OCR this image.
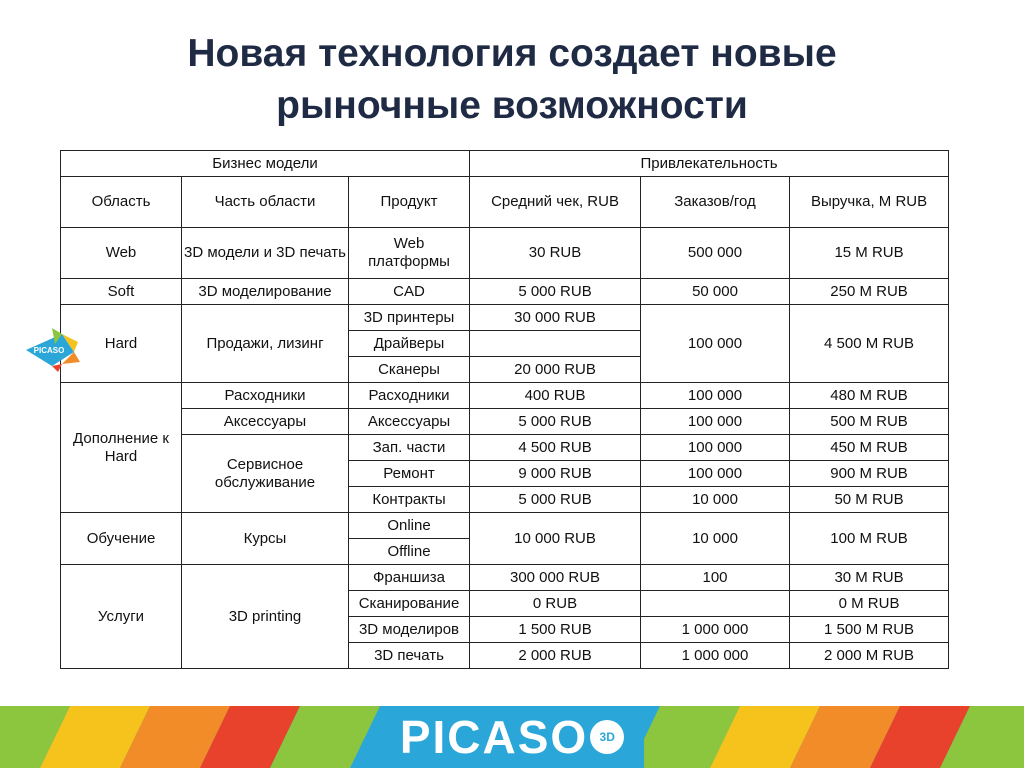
Новая технология создает новые
рыночные возможности
Бизнес модели			Привлекательность		
Область	Часть области	Продукт	Средний чек, RUB	Заказов/год	Выручка, M RUB
Web	3D модели и 3D печать	Web платформы	30 RUB	500 000	15 M RUB
Soft	3D моделирование	CAD	5 000 RUB	50 000	250 M RUB
Hard	Продажи, лизинг	3D принтеры	30 000 RUB	100 000	4 500 M RUB
		Драйверы			
		Сканеры	20 000 RUB		
Дополнение к Hard	Расходники	Расходники	400 RUB	100 000	480 M RUB
	Аксессуары	Аксессуары	5 000 RUB	100 000	500 M RUB
	Сервисное обслуживание	Зап. части	4 500 RUB	100 000	450 M RUB
		Ремонт	9 000 RUB	100 000	900 M RUB
		Контракты	5 000 RUB	10 000	50 M RUB
Обучение	Курсы	Online	10 000 RUB	10 000	100 M RUB
		Offline			
Услуги	3D printing	Франшиза	300 000 RUB	100	30 M RUB
		Сканирование	0 RUB		0 M RUB
		3D моделиров	1 500 RUB	1 000 000	1 500 M RUB
		3D печать	2 000 RUB	1 000 000	2 000 M RUB
PICASO
PICASO 3D
